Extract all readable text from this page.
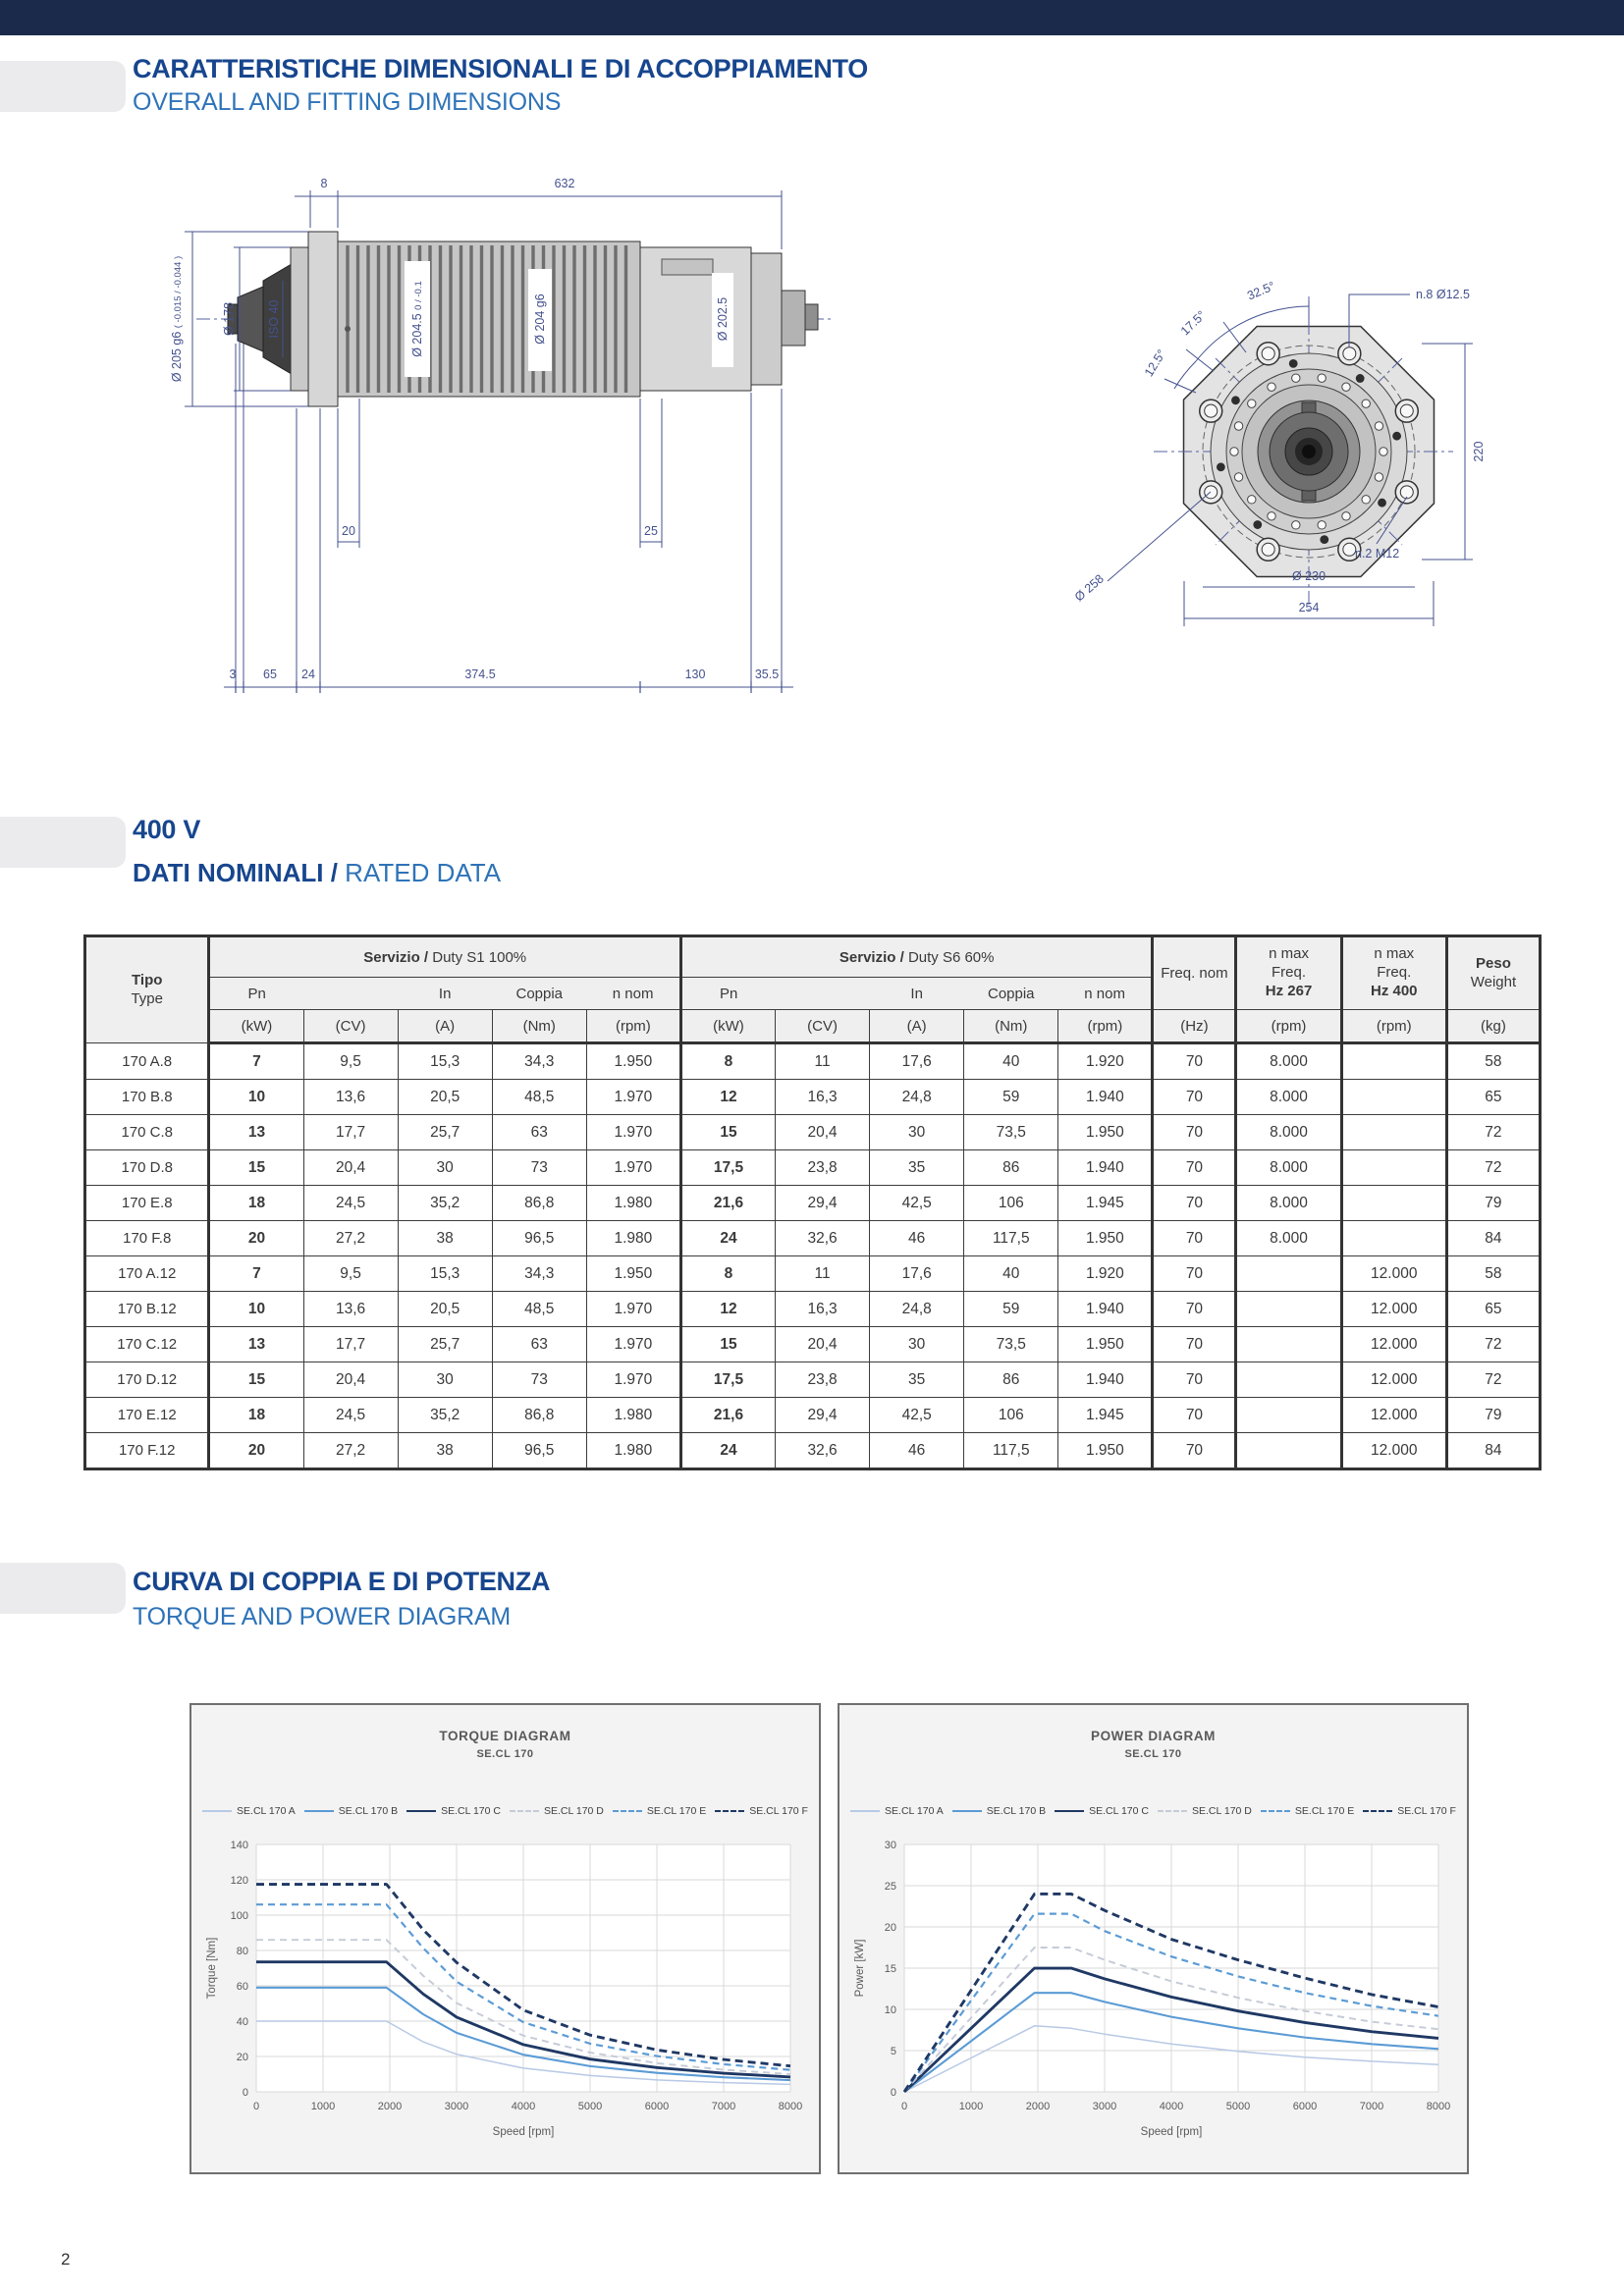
CARATTERISTICHE DIMENSIONALI E DI ACCOPPIAMENTO
OVERALL AND FITTING DIMENSIONS
Ø 204.5 0 / -0.1	Ø 204 g6	Ø 202.5
8	632
Ø 205 g6 ( -0.015 / -0.044 )	Ø 178	ISO 40
20	25
3 65 24	374.5	130	35.5
32.5°
17.5°
12.5°
n.8 Ø12.5
220
Ø 258
n.2 M12
Ø 230
254
400 V

DATI NOMINALI / RATED DATA

Tipo
Type	Servizio / Duty S1 100%					Servizio / Duty S6 60%					Freq. nom	n max
Freq.
Hz 267	n max
Freq.
Hz 400	Peso
Weight
	Pn		In	Coppia	n nom	Pn		In	Coppia	n nom				
	(kW)	(CV)	(A)	(Nm)	(rpm)	(kW)	(CV)	(A)	(Nm)	(rpm)	(Hz)	(rpm)	(rpm)	(kg)
170 A.8	7	9,5	15,3	34,3	1.950	8	11	17,6	40	1.920	70	8.000		58
170 B.8	10	13,6	20,5	48,5	1.970	12	16,3	24,8	59	1.940	70	8.000		65
170 C.8	13	17,7	25,7	63	1.970	15	20,4	30	73,5	1.950	70	8.000		72
170 D.8	15	20,4	30	73	1.970	17,5	23,8	35	86	1.940	70	8.000		72
170 E.8	18	24,5	35,2	86,8	1.980	21,6	29,4	42,5	106	1.945	70	8.000		79
170 F.8	20	27,2	38	96,5	1.980	24	32,6	46	117,5	1.950	70	8.000		84
170 A.12	7	9,5	15,3	34,3	1.950	8	11	17,6	40	1.920	70		12.000	58
170 B.12	10	13,6	20,5	48,5	1.970	12	16,3	24,8	59	1.940	70		12.000	65
170 C.12	13	17,7	25,7	63	1.970	15	20,4	30	73,5	1.950	70		12.000	72
170 D.12	15	20,4	30	73	1.970	17,5	23,8	35	86	1.940	70		12.000	72
170 E.12	18	24,5	35,2	86,8	1.980	21,6	29,4	42,5	106	1.945	70		12.000	79
170 F.12	20	27,2	38	96,5	1.980	24	32,6	46	117,5	1.950	70		12.000	84
CURVA DI COPPIA E DI POTENZA
TORQUE AND POWER DIAGRAM
TORQUE DIAGRAM
SE.CL 170
SE.CL 170 A	SE.CL 170 B	SE.CL 170 C	SE.CL 170 D	SE.CL 170 E	SE.CL 170 F
0
20
40
60
80
100
120
140
0	1000	2000	3000	4000	5000	6000	7000	8000
Speed [rpm]
Torque [Nm]
POWER DIAGRAM
SE.CL 170
SE.CL 170 A	SE.CL 170 B	SE.CL 170 C	SE.CL 170 D	SE.CL 170 E	SE.CL 170 F
0
5
10
15
20
25
30
0	1000	2000	3000	4000	5000	6000	7000	8000
Speed [rpm]
Power [kW]
2
